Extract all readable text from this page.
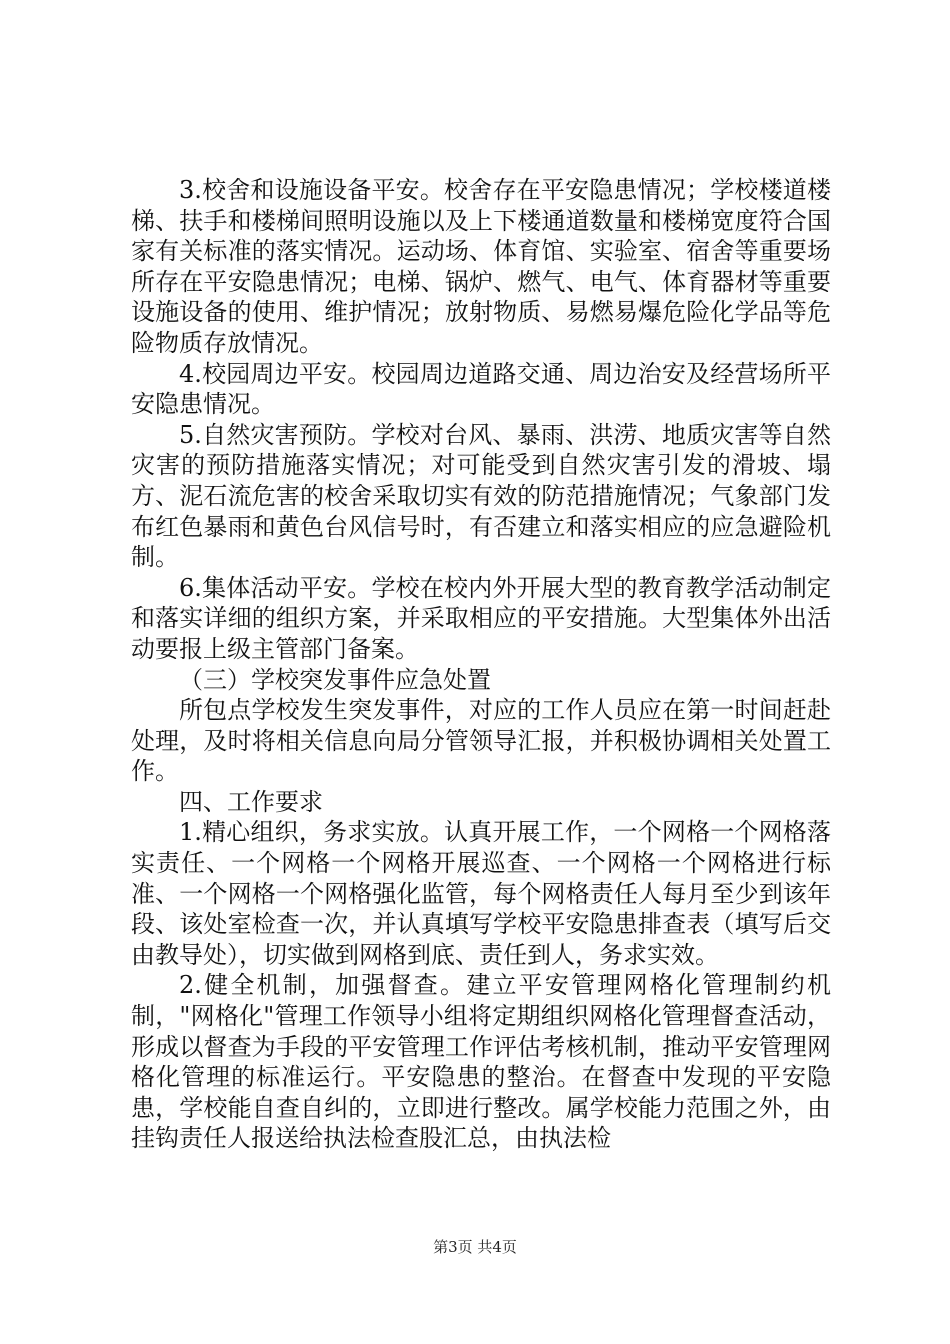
3.校舍和设施设备平安。校舍存在平安隐患情况；学校楼道楼梯、扶手和楼梯间照明设施以及上下楼通道数量和楼梯宽度符合国家有关标准的落实情况。运动场、体育馆、实验室、宿舍等重要场所存在平安隐患情况；电梯、锅炉、燃气、电气、体育器材等重要设施设备的使用、维护情况；放射物质、易燃易爆危险化学品等危险物质存放情况。

4.校园周边平安。校园周边道路交通、周边治安及经营场所平安隐患情况。

5.自然灾害预防。学校对台风、暴雨、洪涝、地质灾害等自然灾害的预防措施落实情况；对可能受到自然灾害引发的滑坡、塌方、泥石流危害的校舍采取切实有效的防范措施情况；气象部门发布红色暴雨和黄色台风信号时，有否建立和落实相应的应急避险机制。

6.集体活动平安。学校在校内外开展大型的教育教学活动制定和落实详细的组织方案，并采取相应的平安措施。大型集体外出活动要报上级主管部门备案。

（三）学校突发事件应急处置

所包点学校发生突发事件，对应的工作人员应在第一时间赶赴处理，及时将相关信息向局分管领导汇报，并积极协调相关处置工作。

四、工作要求

1.精心组织，务求实放。认真开展工作，一个网格一个网格落实责任、一个网格一个网格开展巡查、一个网格一个网格进行标准、一个网格一个网格强化监管，每个网格责任人每月至少到该年段、该处室检查一次，并认真填写学校平安隐患排查表（填写后交由教导处），切实做到网格到底、责任到人，务求实效。

2.健全机制，加强督查。建立平安管理网格化管理制约机制，"网格化"管理工作领导小组将定期组织网格化管理督查活动，形成以督查为手段的平安管理工作评估考核机制，推动平安管理网格化管理的标准运行。平安隐患的整治。在督查中发现的平安隐患，学校能自查自纠的，立即进行整改。属学校能力范围之外，由挂钩责任人报送给执法检查股汇总，由执法检

第3页 共4页
